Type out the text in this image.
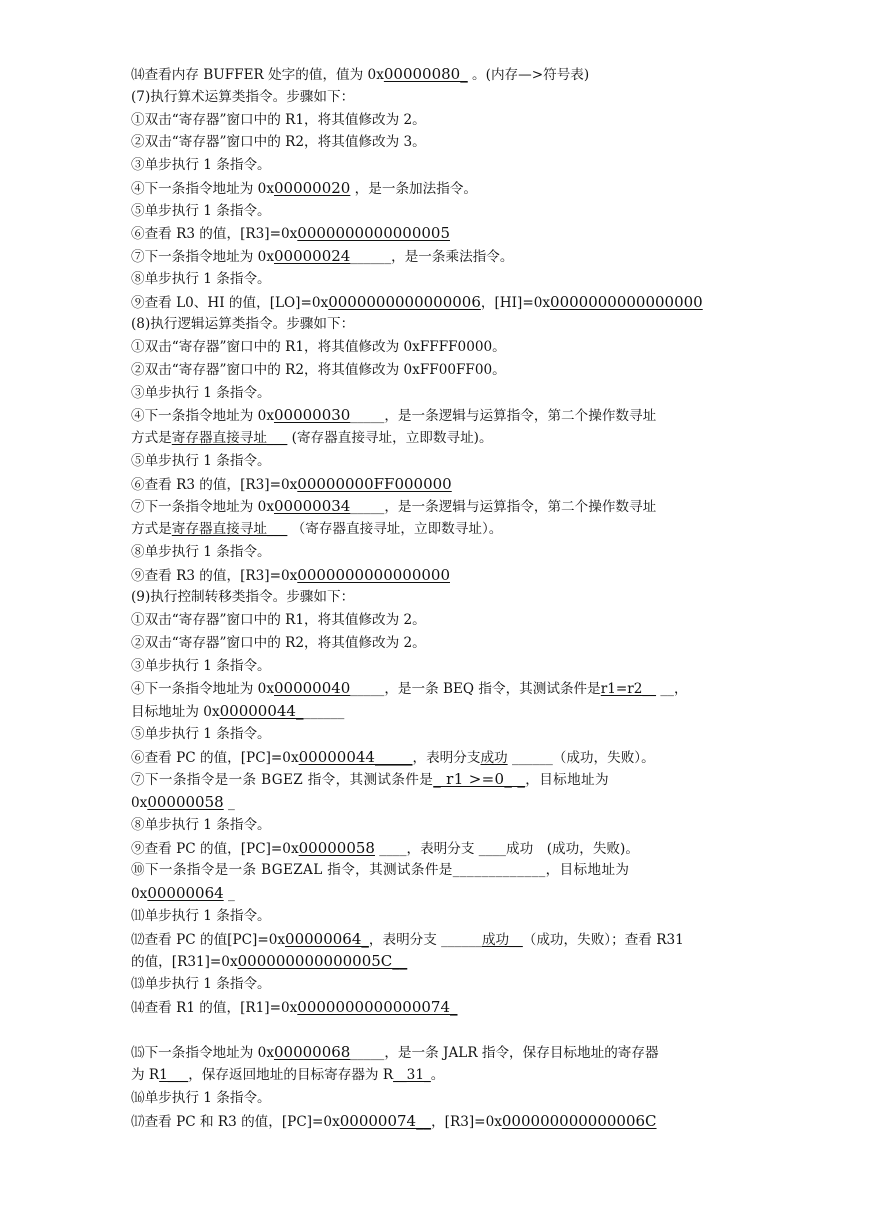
⒁查看内存 BUFFER 处字的值，值为 0x00000080_ 。(内存—>符号表)
(7)执行算术运算类指令。步骤如下：
①双击“寄存器”窗口中的 R1，将其值修改为 2。
②双击“寄存器”窗口中的 R2，将其值修改为 3。
③单步执行 1 条指令。
④下一条指令地址为 0x00000020 ，是一条加法指令。
⑤单步执行 1 条指令。
⑥查看 R3 的值，[R3]=0x0000000000000005
⑦下一条指令地址为 0x00000024______，是一条乘法指令。
⑧单步执行 1 条指令。
⑨查看 L0、HI 的值，[LO]=0x0000000000000006，[HI]=0x0000000000000000
(8)执行逻辑运算类指令。步骤如下：
①双击“寄存器”窗口中的 R1，将其值修改为 0xFFFF0000。
②双击“寄存器”窗口中的 R2，将其值修改为 0xFF00FF00。
③单步执行 1 条指令。
④下一条指令地址为 0x00000030_____，是一条逻辑与运算指令，第二个操作数寻址
方式是寄存器直接寻址___ (寄存器直接寻址，立即数寻址)。
⑤单步执行 1 条指令。
⑥查看 R3 的值，[R3]=0x00000000FF000000
⑦下一条指令地址为 0x00000034_____，是一条逻辑与运算指令，第二个操作数寻址
方式是寄存器直接寻址___ （寄存器直接寻址，立即数寻址）。
⑧单步执行 1 条指令。
⑨查看 R3 的值，[R3]=0x0000000000000000
(9)执行控制转移类指令。步骤如下：
①双击“寄存器”窗口中的 R1，将其值修改为 2。
②双击“寄存器”窗口中的 R2，将其值修改为 2。
③单步执行 1 条指令。
④下一条指令地址为 0x00000040_____，是一条 BEQ 指令，其测试条件是r1=r2__ __，
目标地址为 0x00000044_______
⑤单步执行 1 条指令。
⑥查看 PC 的值，[PC]=0x00000044_____，表明分支成功 ______（成功，失败）。
⑦下一条指令是一条 BGEZ 指令，其测试条件是_ r1 >=0_ _，目标地址为
0x00000058 _
⑧单步执行 1 条指令。
⑨查看 PC 的值，[PC]=0x00000058 ____，表明分支 ____成功　(成功，失败)。
⑩下一条指令是一条 BGEZAL 指令，其测试条件是_____________，目标地址为
0x00000064 _
⑾单步执行 1 条指令。
⑿查看 PC 的值[PC]=0x00000064_，表明分支 ______成功__（成功，失败）；查看 R31
的值，[R31]=0x000000000000005C__
⒀单步执行 1 条指令。
⒁查看 R1 的值，[R1]=0x0000000000000074_
⒂下一条指令地址为 0x00000068_____，是一条 JALR 指令，保存目标地址的寄存器
为 R1___，保存返回地址的目标寄存器为 R__31_。
⒃单步执行 1 条指令。
⒄查看 PC 和 R3 的值，[PC]=0x00000074__，[R3]=0x000000000000006C
